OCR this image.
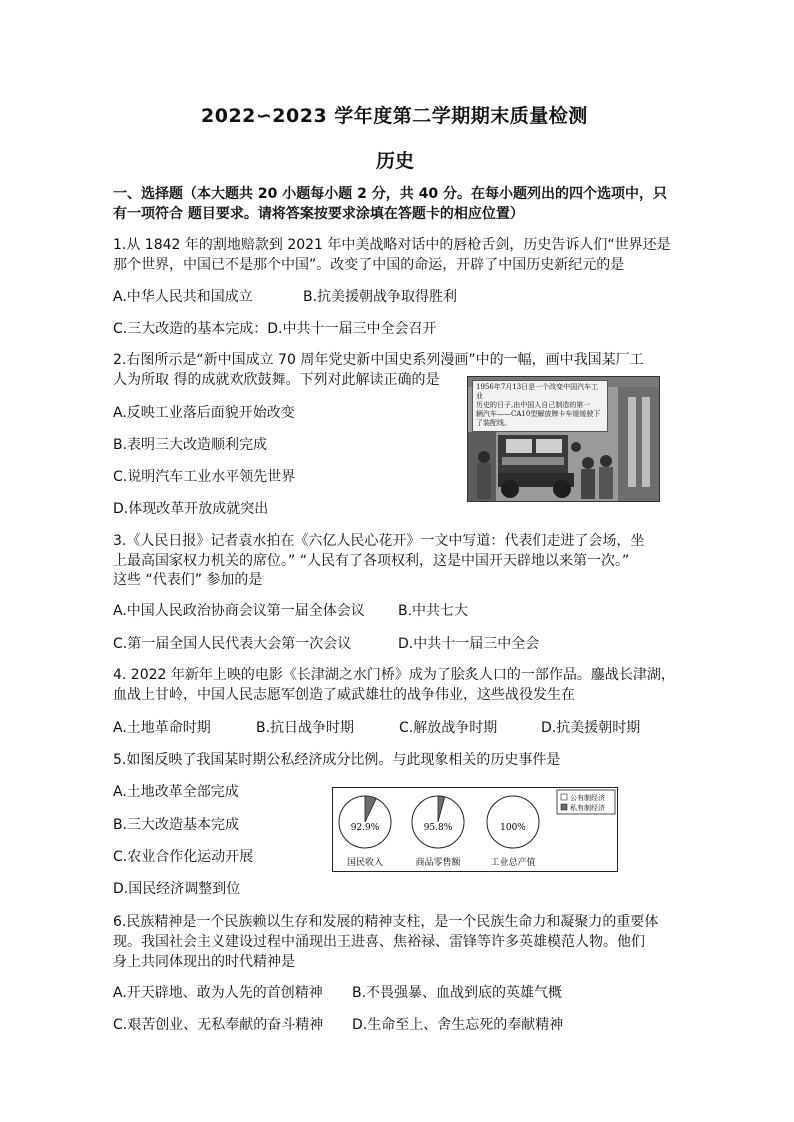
2022∽2023 学年度第二学期期末质量检测
历史
一、选择题（本大题共 20 小题每小题 2 分，共 40 分。在每小题列出的四个选项中，只
有一项符合 题目要求。请将答案按要求涂填在答题卡的相应位置）
1.从 1842 年的割地赔款到 2021 年中美战略对话中的唇枪舌剑，历史告诉人们“世界还是
那个世界，中国已不是那个中国”。改变了中国的命运，开辟了中国历史新纪元的是
A.中华人民共和国成立	B.抗美援朝战争取得胜利
C.三大改造的基本完成：D.中共十一届三中全会召开
2.右图所示是“新中国成立 70 周年党史新中国史系列漫画”中的一幅，画中我国某厂工
人为所取 得的成就欢欣鼓舞。下列对此解读正确的是
A.反映工业落后面貌开始改变
B.表明三大改造顺利完成
C.说明汽车工业水平领先世界
D.体现改革开放成就突出
1956年7月13日是一个改变中国汽车工业
历史的日子,由中国人自己制造的第一
辆汽车——CA10型解放牌卡车缓缓驶下
了装配线。
3.《人民日报》记者袁水拍在《六亿人民心花开》一文中写道：代表们走进了会场，坐
上最高国家权力机关的席位。” “人民有了各项权利，这是中国开天辟地以来第一次。”
这些 “代表们” 参加的是
A.中国人民政治协商会议第一届全体会议 B.中共七大
C.第一届全国人民代表大会第一次会议	D.中共十一届三中全会
4. 2022 年新年上映的电影《长津湖之水门桥》成为了脍炙人口的一部作品。鏖战长津湖，
血战上甘岭，中国人民志愿军创造了威武雄壮的战争伟业，这些战役发生在
A.土地革命时期	B.抗日战争时期	C.解放战争时期	D.抗美援朝时期
5.如图反映了我国某时期公私经济成分比例。与此现象相关的历史事件是
A.土地改革全部完成
B.三大改造基本完成
C.农业合作化运动开展
D.国民经济调整到位
92.9%
国民收入
95.8%
商品零售额
100%
工业总产值
公有制经济
私有制经济
6.民族精神是一个民族赖以生存和发展的精神支柱，是一个民族生命力和凝聚力的重要体
现。我国社会主义建设过程中涌现出王进喜、焦裕禄、雷锋等许多英雄模范人物。他们
身上共同体现出的时代精神是
A.开天辟地、敢为人先的首创精神 B.不畏强暴、血战到底的英雄气概
C.艰苦创业、无私奉献的奋斗精神 D.生命至上、舍生忘死的奉献精神
